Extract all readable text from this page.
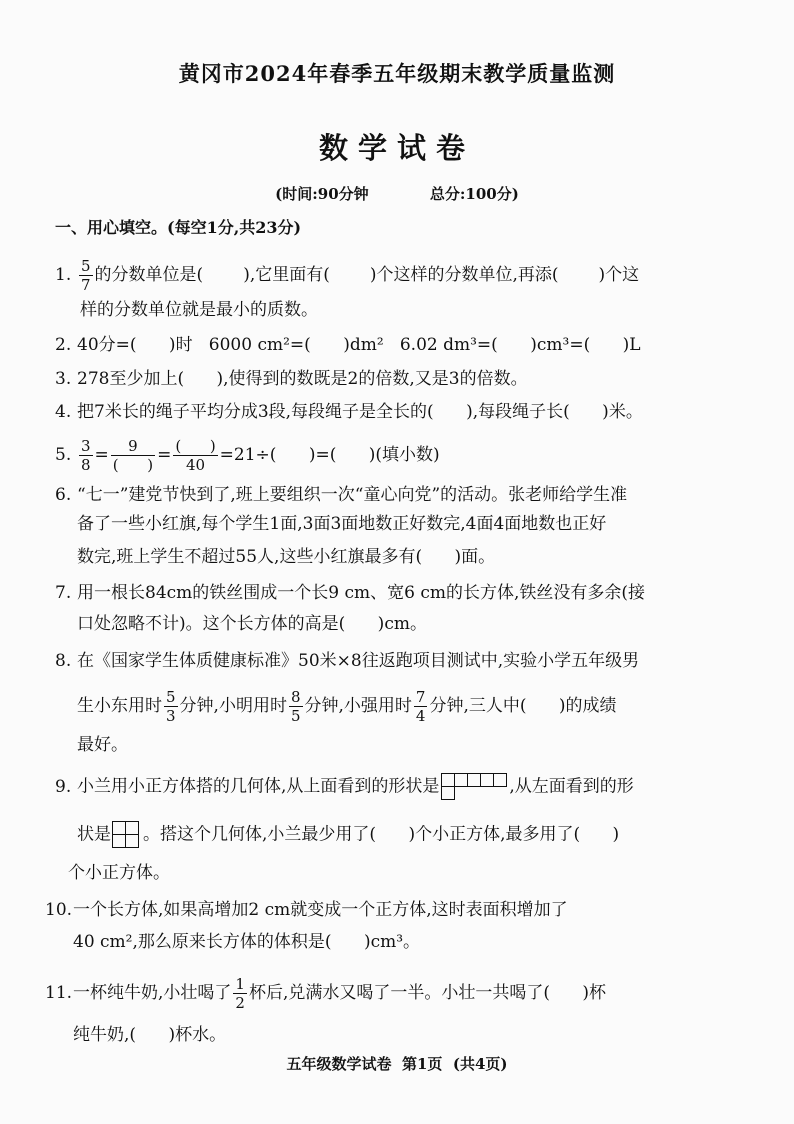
黄冈市2024年春季五年级期末教学质量监测
数学试卷
(时间:90分钟	总分:100分)
一、用心填空。(每空1分,共23分)
1. $\frac{5}{7}$ 的分数单位是( ),它里面有( )个这样的分数单位,再添( )个这
样的分数单位就是最小的质数。
2. 40分=(      )时   6000 cm²=(      )dm²   6.02 dm³=(      )cm³=(      )L
3. 278至少加上(      ),使得到的数既是2的倍数,又是3的倍数。
4. 把7米长的绳子平均分成3段,每段绳子是全长的(      ),每段绳子长(      )米。
5. $\frac{3}{8} = \frac{9}{( )} = \frac{( )}{40} =21\div$(      )=(      )(填小数)
6. “七一”建党节快到了,班上要组织一次“童心向党”的活动。张老师给学生准
备了一些小红旗,每个学生1面,3面3面地数正好数完,4面4面地数也正好
数完,班上学生不超过55人,这些小红旗最多有(      )面。
7. 用一根长84cm的铁丝围成一个长9 cm、宽6 cm的长方体,铁丝没有多余(接
口处忽略不计)。这个长方体的高是(      )cm。
8. 在《国家学生体质健康标准》50米×8往返跑项目测试中,实验小学五年级男
生小东用时 $\frac{5}{3}$ 分钟,小明用时 $\frac{8}{5}$ 分钟,小强用时 $\frac{7}{4}$ 分钟,三人中(      )的成绩
最好。
9. 小兰用小正方体搭的几何体,从上面看到的形状是	,从左面看到的形
状是 。搭这个几何体,小兰最少用了(      )个小正方体,最多用了(      )
个小正方体。
10.一个长方体,如果高增加2 cm就变成一个正方体,这时表面积增加了
40 cm²,那么原来长方体的体积是(      )cm³。
11.一杯纯牛奶,小壮喝了 $\frac{1}{2}$ 杯后,兑满水又喝了一半。小壮一共喝了(      )杯
纯牛奶,(      )杯水。
五年级数学试卷  第1页  (共4页)
